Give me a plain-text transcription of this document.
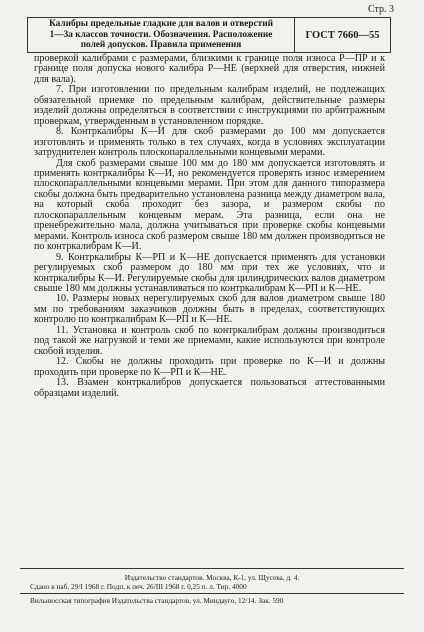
Стр. 3
Калибры предельные гладкие для валов и отверстий
1—3а классов точности. Обозначения. Расположение
полей допусков. Правила применения
ГОСТ 7660—55

проверкой калибрами с размерами, близкими к границе поля износа Р—ПР и к границе поля допуска нового калибра Р—НЕ (верхней для отверстия, нижней для вала).

7. При изготовлении по предельным калибрам изделий, не подлежащих обязательной приемке по предельным калибрам, действительные размеры изделий должны определяться в соответствии с инструкциями по арбитражным проверкам, утвержденным в установленном порядке.

8. Контркалибры К—И для скоб размерами до 100 мм допускается изготовлять и применять только в тех случаях, когда в условиях эксплуатации затруднителен контроль плоскопараллельными концевыми мерами.

Для скоб размерами свыше 100 мм до 180 мм допускается изготовлять и применять контркалибры К—И, но рекомендуется проверять износ измерением плоскопараллельными концевыми мерами. При этом для данного типоразмера скобы должна быть предварительно установлена разница между диаметром вала, на который скоба проходит без зазора, и размером скобы по плоскопараллельным концевым мерам. Эта разница, если она не пренебрежительно мала, должна учитываться при проверке скобы концевыми мерами. Контроль износа скоб размером свыше 180 мм должен производиться не по контркалибрам К—И.

9. Контркалибры К—РП и К—НЕ допускается применять для установки регулируемых скоб размером до 180 мм при тех же условиях, что и контркалибры К—И. Регулируемые скобы для цилиндрических валов диаметром свыше 180 мм должны устанавливаться по контркалибрам К—РП и К—НЕ.

10. Размеры новых нерегулируемых скоб для валов диаметром свыше 180 мм по требованиям заказчиков должны быть в пределах, соответствующих контролю по контркалибрам К—РП и К—НЕ.

11. Установка и контроль скоб по контркалибрам должны производиться под такой же нагрузкой и теми же приемами, какие используются при контроле скобой изделия.

12. Скобы не должны проходить при проверке по К—И и должны проходить при проверке по К—РП и К—НЕ.

13. Взамен контркалибров допускается пользоваться аттестованными образцами изделий.

Издательство стандартов. Москва, К-1, ул. Щусева, д. 4.
Сдано в наб. 29/I 1968 г. Подп. к печ. 26/III 1968 г. 0,25 п. л. Тир. 4000
Вильнюсская типография Издательства стандартов, ул. Миндауго, 12/14. Зак. 590
